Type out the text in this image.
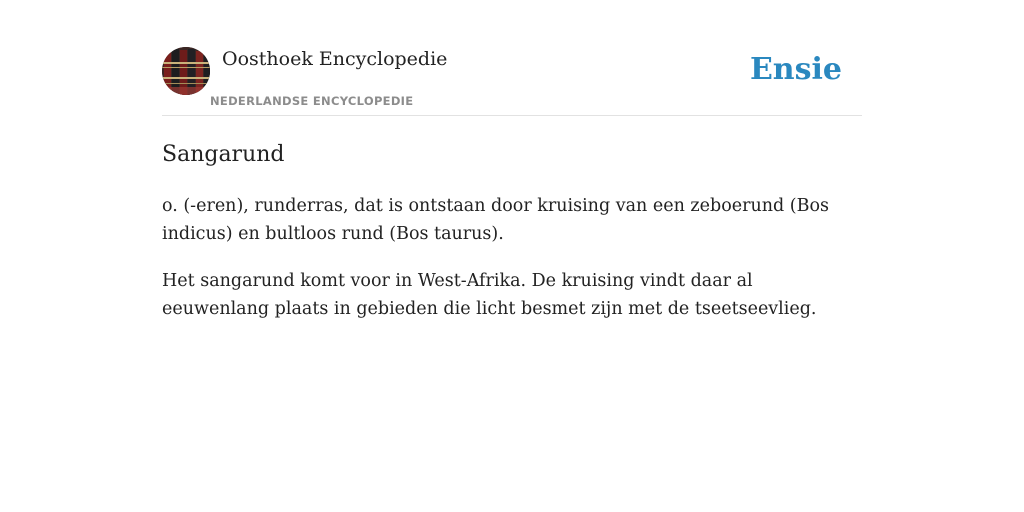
Oosthoek Encyclopedie
NEDERLANDSE ENCYCLOPEDIE
Ensie
Sangarund

o. (-eren), runderras, dat is ontstaan door kruising van een zeboerund (Bos indicus) en bultloos rund (Bos taurus).

Het sangarund komt voor in West-Afrika. De kruising vindt daar al eeuwenlang plaats in gebieden die licht besmet zijn met de tseetseevlieg.
